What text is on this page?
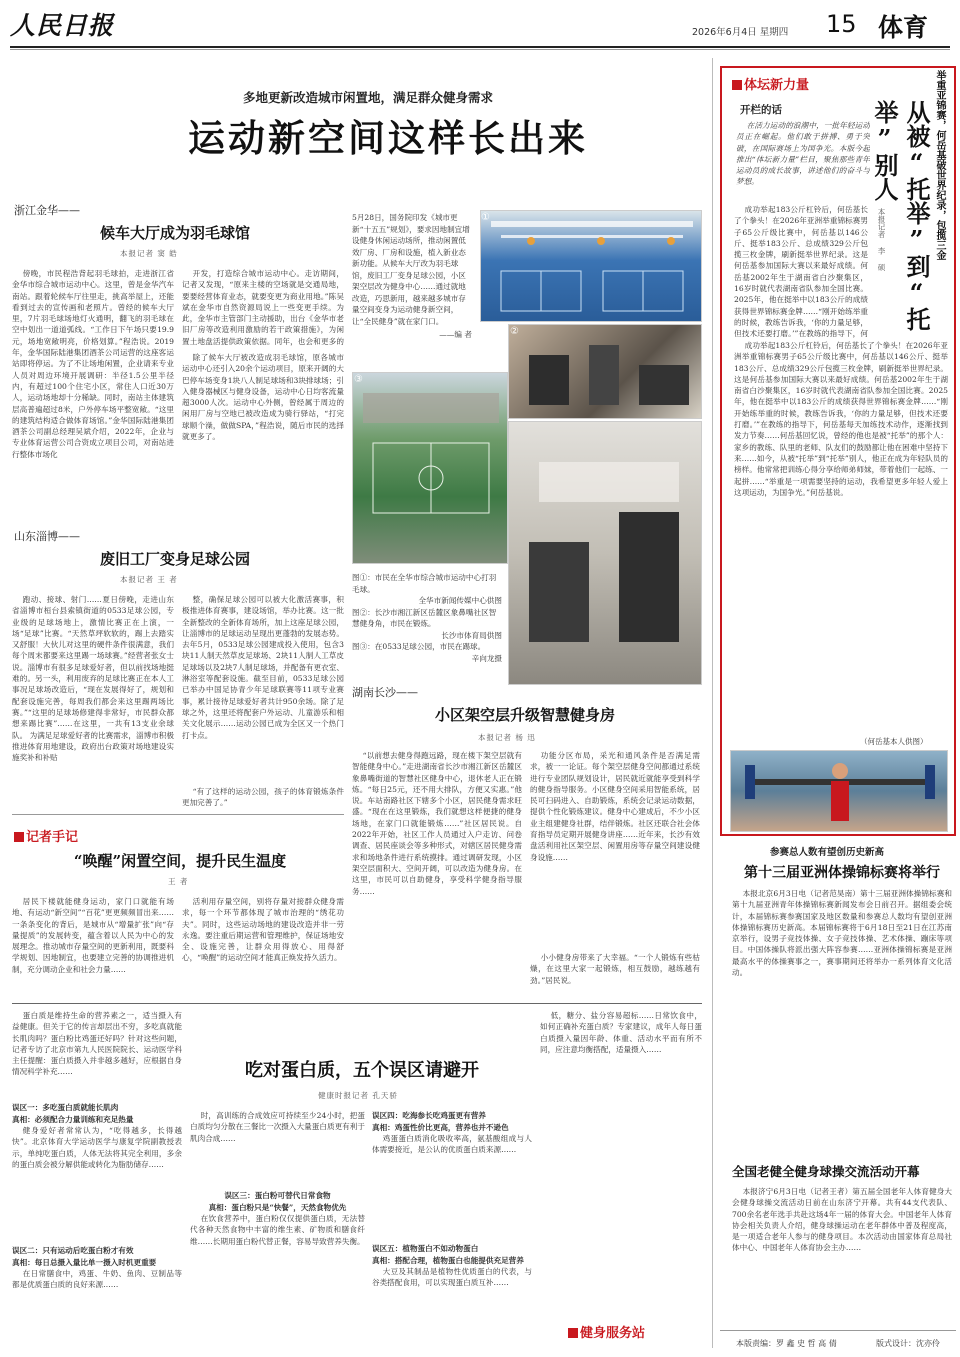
人民日报	2026年6月4日 星期四 15 体育
多地更新改造城市闲置地，满足群众健身需求
运动新空间这样长出来
浙江金华——
候车大厅成为羽毛球馆
本报记者 窦 皓
傍晚，市民程浩背起羽毛球拍，走进浙江省金华市综合城市运动中心。这里，曾是金华汽车南站。跟着轮候车厅往里走，挑高举屋上，还能看到过去的宣传画和老照片。曾经的候车大厅里，7片羽毛球场地灯火通明，翻飞的羽毛球在空中划出一道道弧线。“工作日下午场只要19.9元，场地宽敞明亮，价格划算。”程浩说。2019年，金华国际陆港集团酒茶公司运营的这座客运站即将停运。为了不让场地闲置，企业请来专业人员对周边环境开展调研：半径1.5公里半径内，有超过100个住宅小区，常住人口近30万人，运动场地却十分稀缺。同时，南站主体建筑层高普遍超过8米，户外停车场平整宽敞。“这里的建筑结构适合做体育场馆。”金华国际陆港集团酒茶公司副总经理吴斌介绍，2022年，企业与专业体育运营公司合资成立项目公司，对南站进行整体市场化
开发，打造综合城市运动中心。走访期间，记者又发现，“原来主楼的空场就是交通局地，要要经营体育业态，就要变更为商业用地。”陈吴斌在金华市自然资源局说上一些变更手续。为此，金华市主管部门主动援助，出台《金华市老旧厂房等改造利用激励的若干政策措施》，为闲置土地盘活提供政策依据。同年，也会和更多的
除了候车大厅被改造成羽毛球馆，原各城市运动中心还引入20余个运动项目，原来开阔的大巴停车场变身1块八人制足球场和3块排球场；引入健身器械区与健身设备，运动中心日均客流量超3000人次。运动中心外侧，曾经属于周边的闲用厂房与空地已被改造成为骑行驿站，“打完球顺个澡，做做SPA，”程浩说，随后市民的选择就更多了。
5月28日，国务院印发《城市更新“十五五”规划》，要求因地制宜增设健身休闲运动场所，推动闲置低效厂房、厂房和设施，植入新业态新功能。从候车大厅改为羽毛球馆，废旧工厂变身足球公园，小区架空层改为健身中心……通过就地改造，巧思新用，越来越多城市存量空间变身为运动健身新空间，让“全民健身”就在家门口。
——编 者
①
②
③
图①：市民在全华市综合城市运动中心打羽毛球。
全华市新闻传媒中心供图
图②：长沙市湘江新区岳麓区象鼻嘴社区智慧健身角，市民在锻炼。
长沙市体育局供图
图③：在0533足球公园，市民在踢球。
辛向龙摄
山东淄博——
废旧工厂变身足球公园
本报记者 王 者
跑动、接球、射门……夏日傍晚，走进山东省淄博市桓台县索镇街道的0533足球公园，专业级的足球场地上，激情比赛正在上演，一场“足球”比赛。“天然草坪软软的，踢上去踏实又舒服！大伙儿对这里的硬件条件很满意，我们每个周末都要来这里踢一场球赛。”经营者张女士说。淄博市有很多足球爱好者，但以前找场地挺难的。另一头，利用废弃的足球比赛正在本人工事况足球场改造后，“现在发展得好了，规划和配套设施完善，每周我们都会来这里踢两场比赛。”“这里的足球场修建得非常好，市民群众都想来踢比赛”……在这里，一共有13支业余球队。 为满足足球爱好者的比赛需求，淄博市积极推进体育用地建设，政府出台政策对场地建设实施奖补和补贴
整，确保足球公园可以被大化激活赛事，积极推进体育赛事，建设场馆，举办比赛。这一批全新整改的全新体育场所，加上这座足球公园，让淄博市的足球运动呈现出更蓬勃的发展态势。去年5月，0533足球公园建成投入使用，包含3块11人制天然草皮足球场、2块11人制人工草皮足球场以及2块7人制足球场，并配备有更衣室、淋浴室等配套设施。截至目前，0533足球公园已举办中国足协青少年足球联赛等11项专业赛事，累计接待足球爱好者共计950余场。除了足球之外，这里还将配套户外运动、儿童游乐和相关文化展示……运动公园已成为全区又一个热门打卡点。
“有了这样的运动公园，孩子的体育锻炼条件更加完善了。”
湖南长沙——
小区架空层升级智慧健身房
本报记者 杨 迅
“以前想去健身得跑远路，现在楼下架空层就有智能健身中心。”走进湖南省长沙市湘江新区岳麓区象鼻嘴街道的智慧社区健身中心，退休老人正在锻炼。“每日25元，还不用大排队，方便又实惠。”他说。车站南路社区下辖多个小区，居民健身需求旺盛。“现在在这里锻炼，我们就想这样便捷的健身场地，在家门口就能锻炼……”社区居民说。自2022年开始，社区工作人员通过入户走访、问卷调查、居民座谈会等多种形式，对辖区居民健身需求和场地条件进行系统摸排。通过调研发现，小区架空层面积大、空间开阔，可以改造为健身房。在这里，市民可以自助健身，享受科学健身指导服务……
功能分区布局，采光和通风条件是否满足需求，被一一论证。每个架空层健身空间都通过系统进行专业团队规划设计，居民就近就能享受到科学的健身指导服务。小区健身空间采用智能系统，居民可扫码进入、自助锻炼，系统会记录运动数据，提供个性化锻炼建议。健身中心建成后，不少小区业主组建健身社群，结伴锻炼。社区还联合社会体育指导员定期开展健身讲座……近年来，长沙有效盘活利用社区架空层、闲置用房等存量空间建设健身设施……
小小健身房带来了大幸福。“一个人锻炼有些枯燥，在这里大家一起锻炼，相互鼓励，越练越有劲。”居民说。
记者手记
“唤醒”闲置空间，提升民生温度
王 者
居民下楼就能健身运动，家门口就能有场地、有运动“新空间”“百花”更更频频冒出来……一条条变化的背后，是城市从“增量扩张”向“存量提质”的发展转变，蕴含着以人民为中心的发展理念。推动城市存量空间的更新利用，既要科学规划、因地制宜，也要建立完善的协调推进机制，充分调动企业和社会力量……
活利用存量空间，别将存量对接群众健身需求，每一个环节都体现了城市治理的“绣花功夫”。同时，这些运动场地的建设改造并非一劳永逸。要注重后期运营和管理维护，保证场地安全、设施完善，让群众用得放心、用得舒心，“唤醒”的运动空间才能真正焕发持久活力。
蛋白质是维持生命的营养素之一，适当摄入有益健康。但关于它的传言却层出不穷，多吃真就能长肌肉吗？蛋白粉比鸡蛋还好吗？针对这些问题，记者专访了北京市第九人民医院院长、运动医学科主任提醒：蛋白质摄入并非越多越好，应根据自身情况科学补充……	吃对蛋白质，五个误区请避开
健康时报记者 孔天骄
误区一：多吃蛋白质就能长肌肉
真相：必须配合力量训练和充足热量
健身爱好者常常认为，“吃得越多，长得越快”。北京体育大学运动医学与康复学院副教授表示，单纯吃蛋白质，人体无法将其完全利用，多余的蛋白质会被分解供能或转化为脂肪储存……
误区二：只有运动后吃蛋白粉才有效
真相：每日总摄入量比单一摄入时机更重要
在日常膳食中，鸡蛋、牛奶、鱼肉、豆制品等都是优质蛋白质的良好来源……
时，高训练的合成效应可持续至少24小时，把蛋白质均匀分散在三餐比一次摄入大量蛋白质更有利于肌肉合成……
误区三：蛋白粉可替代日常食物
真相：蛋白粉只是“快餐”，天然食物优先
在饮食营养中，蛋白粉仅仅提供蛋白质，无法替代各种天然食物中丰富的维生素、矿物质和膳食纤维……长期用蛋白粉代替正餐，容易导致营养失衡。
误区四：吃海参长吃鸡蛋更有营养
真相：鸡蛋性价比更高，营养也并不逊色
鸡蛋蛋白质消化吸收率高，氨基酸组成与人体需要接近，是公认的优质蛋白质来源……
误区五：植物蛋白不如动物蛋白
真相：搭配合理，植物蛋白也能提供充足营养
大豆及其制品是植物性优质蛋白的代表，与谷类搭配食用，可以实现蛋白质互补……
低，糖分、盐分容易超标……日常饮食中，如何正确补充蛋白质？专家建议，成年人每日蛋白质摄入量因年龄、体重、活动水平而有所不同，应注意均衡搭配，适量摄入……
健身服务站
体坛新力量
开栏的话
在活力运动的浪潮中，一批年轻运动员正在崛起。他们敢于拼搏、勇于突破，在国际赛场上为国争光。本版今起推出“体坛新力量”栏目，聚焦那些青年运动员的成长故事，讲述他们的奋斗与梦想。	举重亚锦赛，何岳基破世界纪录，包揽三金
从被“托举”到“托举”别人
本报记者 李 硕
成功举起183公斤杠铃后，何岳基长了个拳头！在2026年亚洲举重锦标赛男子65公斤级比赛中，何岳基以146公斤、挺举183公斤、总成绩329公斤包揽三枚金牌，刷新挺举世界纪录。这是何岳基参加国际大赛以来最好成绩。何岳基2002年生于湖南省白沙聚集区，16岁时就代表湖南省队参加全国比赛。2025年，他在挺举中以183公斤的成绩获得世界锦标赛金牌……“刚开始练举重的时候，教练告诉我，‘你的力量足够，但技术还要打磨。’”在教练的指导下，何
成功举起183公斤杠铃后，何岳基长了个拳头！在2026年亚洲举重锦标赛男子65公斤级比赛中，何岳基以146公斤、挺举183公斤、总成绩329公斤包揽三枚金牌，刷新挺举世界纪录。这是何岳基参加国际大赛以来最好成绩。何岳基2002年生于湖南省白沙聚集区，16岁时就代表湖南省队参加全国比赛。2025年，他在挺举中以183公斤的成绩获得世界锦标赛金牌……“刚开始练举重的时候，教练告诉我，‘你的力量足够，但技术还要打磨。’”在教练的指导下，何岳基每天加练技术动作，逐渐找到发力节奏……何岳基回忆说，曾经的他也是被“托举”的那个人：家乡的教练、队里的老师、队友们的鼓励都让他在困难中坚持下来……如今，从被“托举”到“托举”别人，他正在成为年轻队员的榜样。他常常把训练心得分享给师弟师妹，带着他们一起练、一起拼……“举重是一项需要坚持的运动，我希望更多年轻人爱上这项运动，为国争光。”何岳基说。
（何岳基本人供图）
参赛总人数有望创历史新高
第十三届亚洲体操锦标赛将举行
本报北京6月3日电（记者范昊南）第十三届亚洲体操锦标赛和第十九届亚洲青年体操锦标赛新闻发布会日前召开。据组委会统计，本届锦标赛参赛国家及地区数量和参赛总人数均有望创亚洲体操锦标赛历史新高。本届锦标赛将于6月18日至21日在江苏南京举行，设男子竞技体操、女子竞技体操、艺术体操、蹦床等项目。中国体操队将派出强大阵容参赛……亚洲体操锦标赛是亚洲最高水平的体操赛事之一，赛事期间还将举办一系列体育文化活动。
全国老健全健身球操交流活动开幕
本报济宁6月3日电（记者王者）第五届全国老年人体育健身大会健身球操交流活动日前在山东济宁开幕。共有44支代表队、700余名老年选手共赴这场4年一届的体育大会。中国老年人体育协会相关负责人介绍，健身球操运动在老年群体中普及程度高，是一项适合老年人参与的健身项目。本次活动由国家体育总局社体中心、中国老年人体育协会主办……
本版责编：罗 鑫 史 哲 高 倩	版式设计：沈亦伶
